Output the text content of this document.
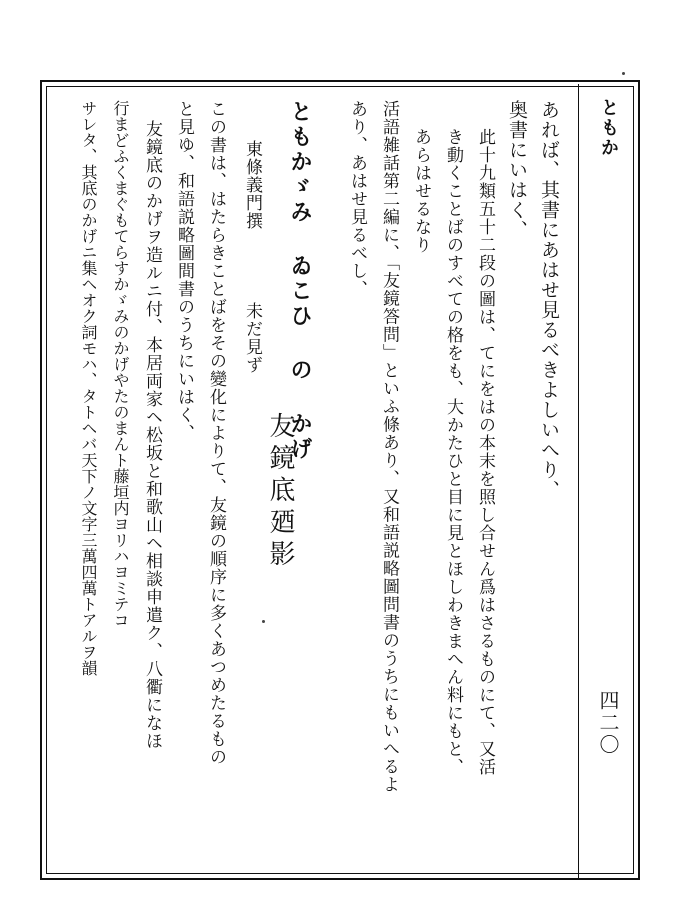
ともか
四二〇
あれば、其書にあはせ見るべきよしいへり、
奥書にいはく、
此十九類五十二段の圖は、てにをはの本末を照し合せん爲はさるものにて、又活
き動くことばのすべての格をも、大かたひと目に見とほしわきまへん料にもと、
あらはせるなり
活語雑話第二編に、「友鏡答問」といふ條あり、又和語説略圖問書のうちにもいへるよ
あり、あはせ見るべし、
友鏡底廼影
ともかゞみ ゐこひ の かげ
東條義門撰　　　　未だ見ず
この書は、はたらきことばをその變化によりて、友鏡の順序に多くあつめたるもの
と見ゆ、和語説略圖間書のうちにいはく、
友鏡底のかげヲ造ルニ付、本居両家ヘ松坂と和歌山ヘ相談申遣ク、八衢になほ
行まどふくまぐもてらすかゞみのかげやたのまんト藤垣内ヨリハヨミテコ
サレタ、其底のかげニ集ヘオク詞モハ、タトヘバ天下ノ文字三萬四萬トアルヲ韻
